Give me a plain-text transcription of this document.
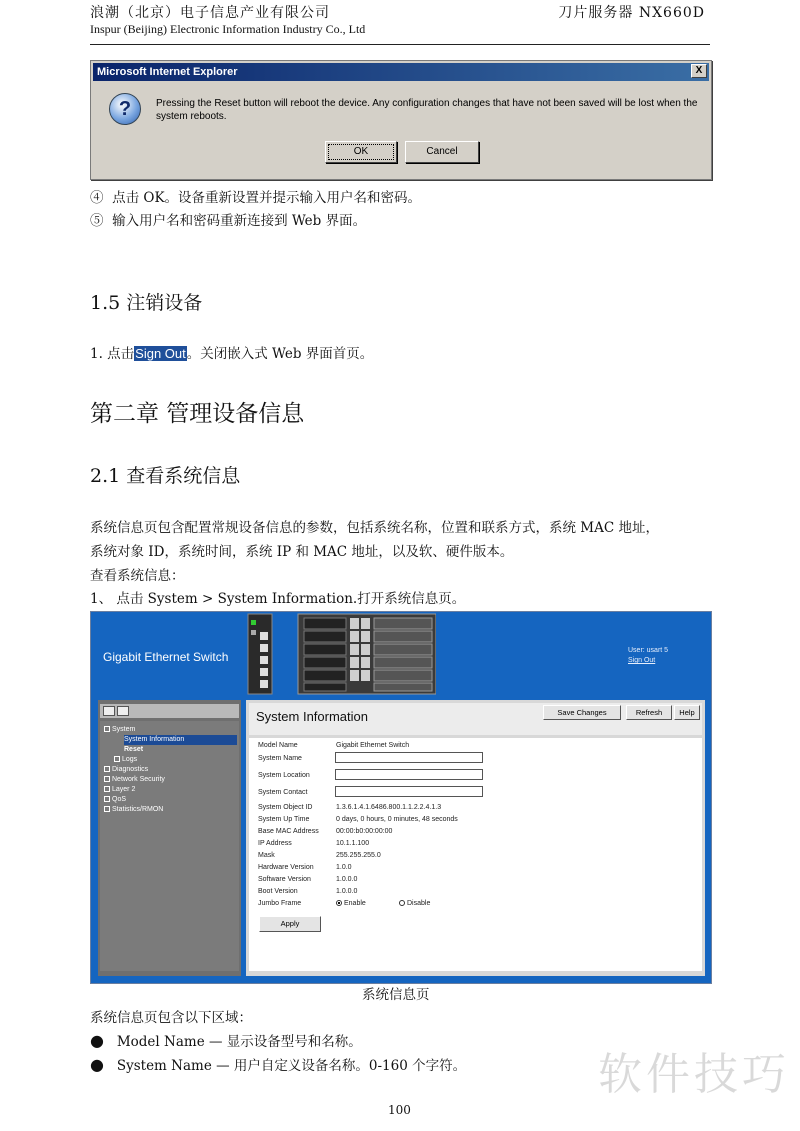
浪潮（北京）电子信息产业有限公司	刀片服务器 NX660D
Inspur (Beijing) Electronic Information Industry Co., Ltd
Microsoft Internet Explorer	X
?	Pressing the Reset button will reboot the device. Any configuration changes that have not been saved will be lost when the system reboots.
OK	Cancel
④ 点击 OK。设备重新设置并提示输入用户名和密码。
⑤ 输入用户名和密码重新连接到 Web 界面。
1.5 注销设备
1. 点击Sign Out。关闭嵌入式 Web 界面首页。
第二章 管理设备信息
2.1 查看系统信息
系统信息页包含配置常规设备信息的参数，包括系统名称，位置和联系方式，系统 MAC 地址，
系统对象 ID，系统时间，系统 IP 和 MAC 地址，以及软、硬件版本。
查看系统信息：
1、 点击 System > System Information.打开系统信息页。
Gigabit Ethernet Switch	User: usart 5
Sign Out
System
System Information
Reset
Logs
Diagnostics
Network Security
Layer 2
QoS
Statistics/RMON
System Information	Save Changes	Refresh	Help
Model Name	Gigabit Ethernet Switch
System Name
System Location
System Contact
System Object ID	1.3.6.1.4.1.6486.800.1.1.2.2.4.1.3
System Up Time	0 days, 0 hours, 0 minutes, 48 seconds
Base MAC Address 00:00:b0:00:00:00
IP Address	10.1.1.100
Mask	255.255.255.0
Hardware Version	1.0.0
Software Version	1.0.0.0
Boot Version	1.0.0.0
Jumbo Frame	Enable	Disable
Apply
系统信息页
系统信息页包含以下区域：
● Model Name — 显示设备型号和名称。
● System Name — 用户自定义设备名称。0-160 个字符。	软件技巧
100
